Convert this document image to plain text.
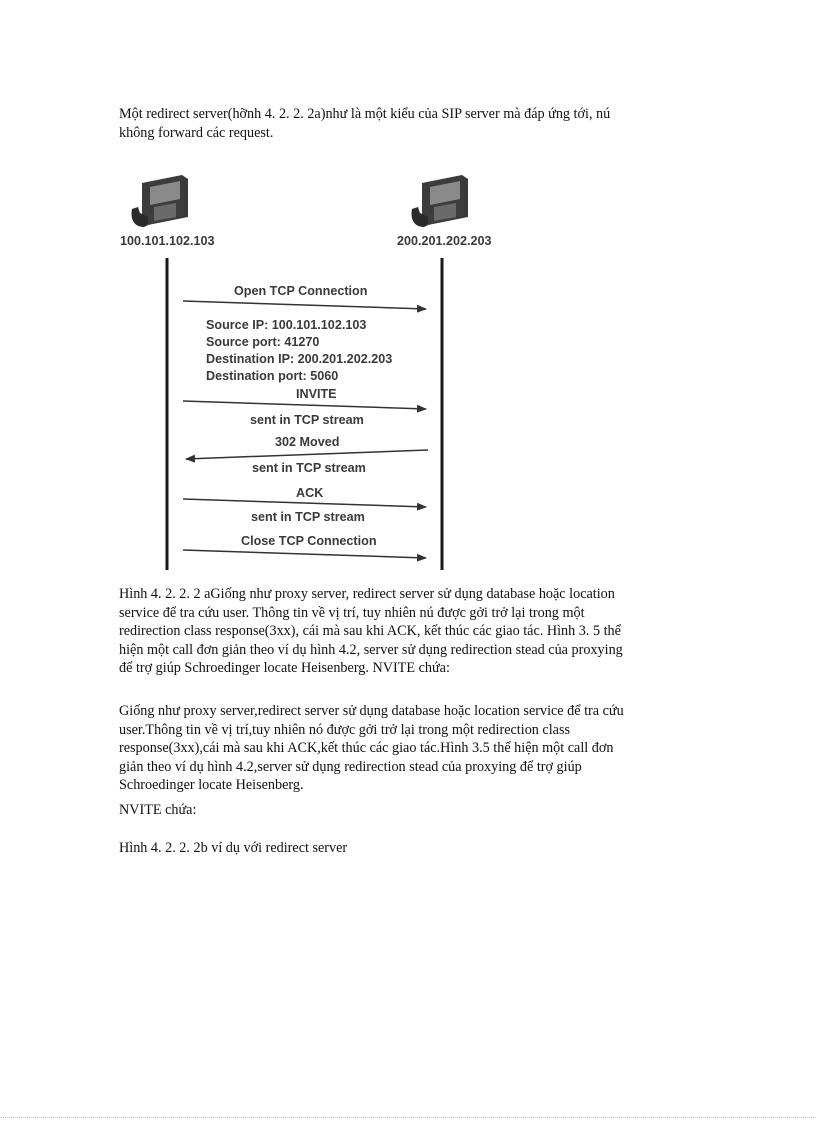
Một redirect server(hỡnh 4. 2. 2. 2a)như là một kiểu của SIP server mà đáp ứng tới, nú
không forward các request.
100.101.102.103	200.201.202.203
Open TCP Connection
Source IP: 100.101.102.103
Source port: 41270
Destination IP: 200.201.202.203
Destination port: 5060
INVITE
sent in TCP stream
302 Moved
sent in TCP stream
ACK
sent in TCP stream
Close TCP Connection
Hình 4. 2. 2. 2 aGiống như proxy server, redirect server sử dụng database hoặc location
service để tra cứu user. Thông tin về vị trí, tuy nhiên nú được gởi trở lại trong một
redirection class response(3xx), cái mà sau khi ACK, kết thúc các giao tác. Hình 3. 5 thể
hiện một call đơn giản theo ví dụ hình 4.2, server sử dụng redirection stead của proxying
để trợ giúp Schroedinger locate Heisenberg. NVITE chứa:
Giống như proxy server,redirect server sử dụng database hoặc location service để tra cứu
user.Thông tin về vị trí,tuy nhiên nó được gởi trở lại trong một redirection class
response(3xx),cái mà sau khi ACK,kết thúc các giao tác.Hình 3.5 thể hiện một call đơn
giản theo ví dụ hình 4.2,server sử dụng redirection stead của proxying để trợ giúp
Schroedinger locate Heisenberg.
NVITE chứa:
Hình 4. 2. 2. 2b ví dụ với redirect server
